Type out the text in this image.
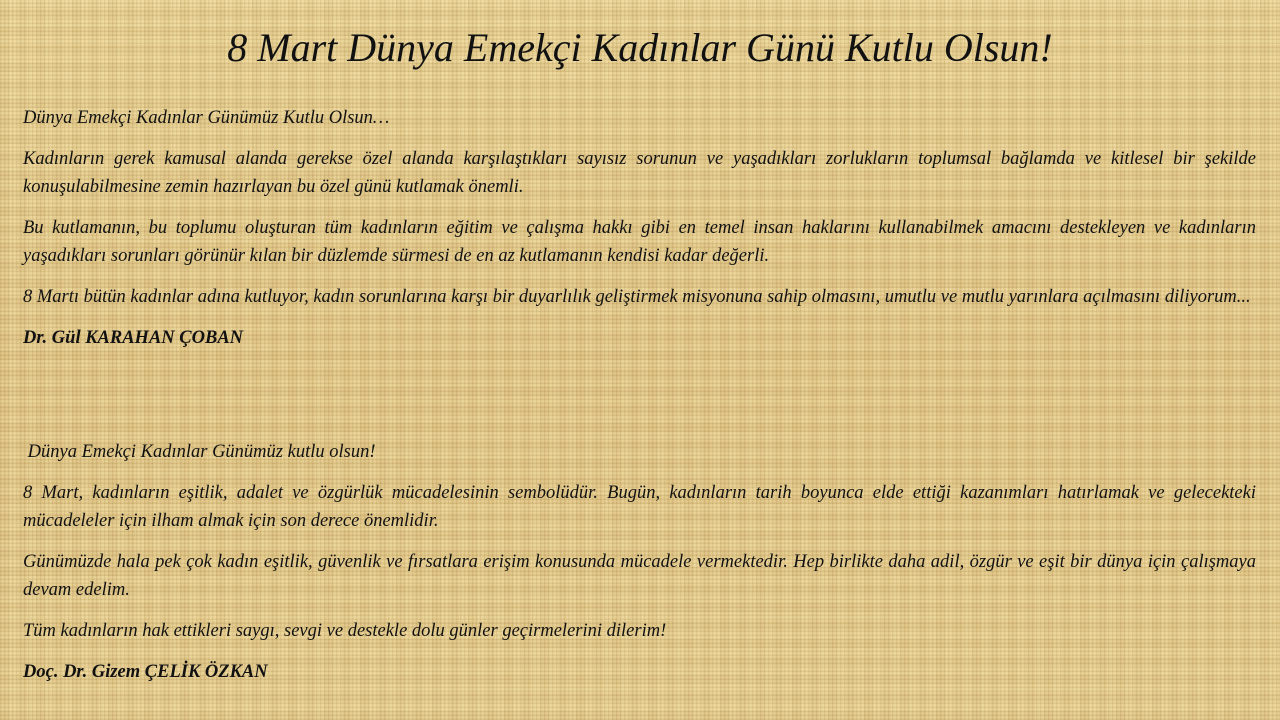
8 Mart Dünya Emekçi Kadınlar Günü Kutlu Olsun!

Dünya Emekçi Kadınlar Günümüz Kutlu Olsun…

Kadınların gerek kamusal alanda gerekse özel alanda karşılaştıkları sayısız sorunun ve yaşadıkları zorlukların toplumsal bağlamda ve kitlesel bir şekilde konuşulabilmesine zemin hazırlayan bu özel günü kutlamak önemli.

Bu kutlamanın, bu toplumu oluşturan tüm kadınların eğitim ve çalışma hakkı gibi en temel insan haklarını kullanabilmek amacını destekleyen ve kadınların yaşadıkları sorunları görünür kılan bir düzlemde sürmesi de en az kutlamanın kendisi kadar değerli.

8 Martı bütün kadınlar adına kutluyor, kadın sorunlarına karşı bir duyarlılık geliştirmek misyonuna sahip olmasını, umutlu ve mutlu yarınlara açılmasını diliyorum...

Dr. Gül KARAHAN ÇOBAN

Dünya Emekçi Kadınlar Günümüz kutlu olsun!

8 Mart, kadınların eşitlik, adalet ve özgürlük mücadelesinin sembolüdür. Bugün, kadınların tarih boyunca elde ettiği kazanımları hatırlamak ve gelecekteki mücadeleler için ilham almak için son derece önemlidir.

Günümüzde hala pek çok kadın eşitlik, güvenlik ve fırsatlara erişim konusunda mücadele vermektedir. Hep birlikte daha adil, özgür ve eşit bir dünya için çalışmaya devam edelim.

Tüm kadınların hak ettikleri saygı, sevgi ve destekle dolu günler geçirmelerini dilerim!

Doç. Dr. Gizem ÇELİK ÖZKAN
